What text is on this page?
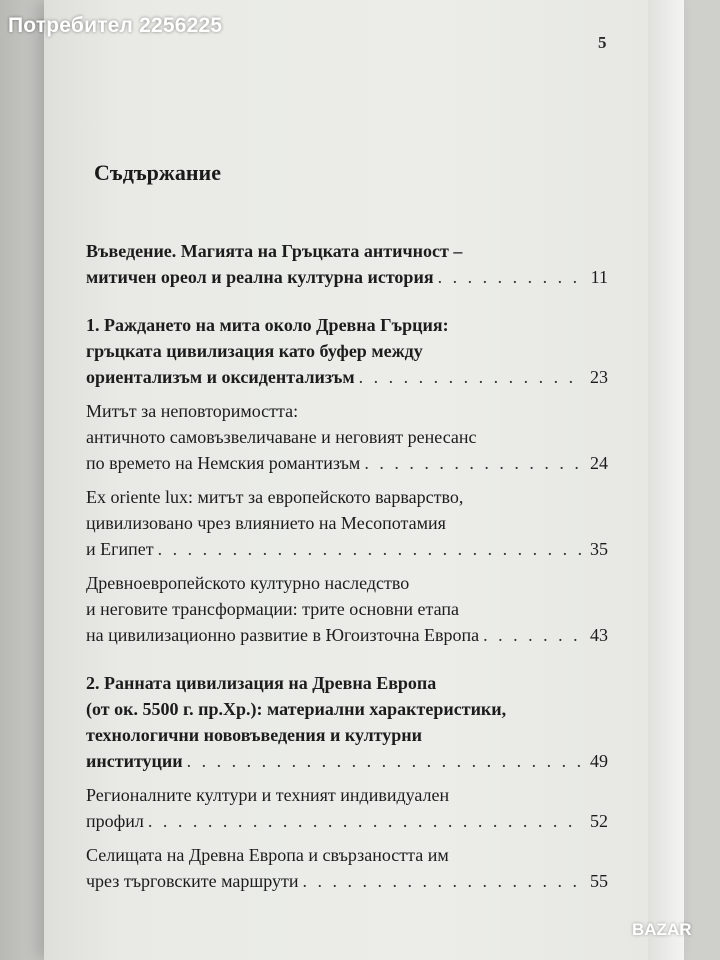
Потребител 2256225
5
Съдържание
Въведение. Магията на Гръцката античност –
митичен ореол и реална културна история . . .	11
1. Раждането на мита около Древна Гърция:
гръцката цивилизация като буфер между
ориентализъм и оксидентализъм . . .	23
Митът за неповторимостта:
античното самовъзвеличаване и неговият ренесанс
по времето на Немския романтизъм . . .	24
Ex oriente lux: митът за европейското варварство,
цивилизовано чрез влиянието на Месопотамия
и Египет . . .	35
Древноевропейското културно наследство
и неговите трансформации: трите основни етапа
на цивилизационно развитие в Югоизточна Европа . . .	43
2. Ранната цивилизация на Древна Европа
(от ок. 5500 г. пр.Хр.): материални характеристики,
технологични нововъведения и културни
институции . . .	49
Регионалните култури и техният индивидуален
профил . . .	52
Селищата на Древна Европа и свързаността им
чрез търговските маршрути . . .	55
BAZAR
